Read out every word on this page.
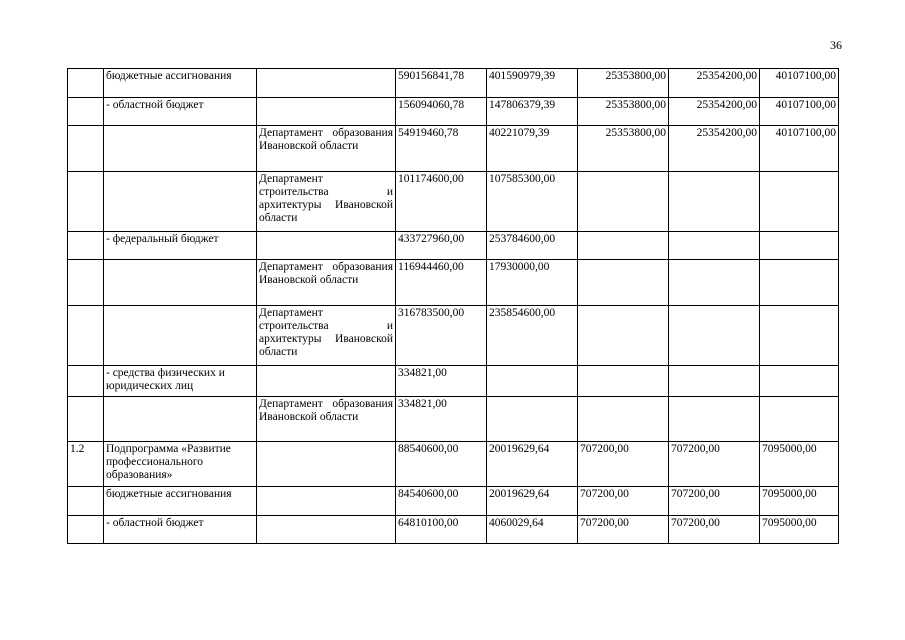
36
	бюджетные ассигнования		590156841,78	401590979,39	25353800,00	25354200,00	40107100,00
	- областной бюджет		156094060,78	147806379,39	25353800,00	25354200,00	40107100,00
		Департамент образования Ивановской области	54919460,78	40221079,39	25353800,00	25354200,00	40107100,00
		Департамент строительства и архитектуры Ивановской области	101174600,00	107585300,00			
	- федеральный бюджет		433727960,00	253784600,00			
		Департамент образования Ивановской области	116944460,00	17930000,00			
		Департамент строительства и архитектуры Ивановской области	316783500,00	235854600,00			
	- средства физических и юридических лиц		334821,00				
		Департамент образования Ивановской области	334821,00				
1.2	Подпрограмма «Развитие профессионального образования»		88540600,00	20019629,64	707200,00	707200,00	7095000,00
	бюджетные ассигнования		84540600,00	20019629,64	707200,00	707200,00	7095000,00
	- областной бюджет		64810100,00	4060029,64	707200,00	707200,00	7095000,00
